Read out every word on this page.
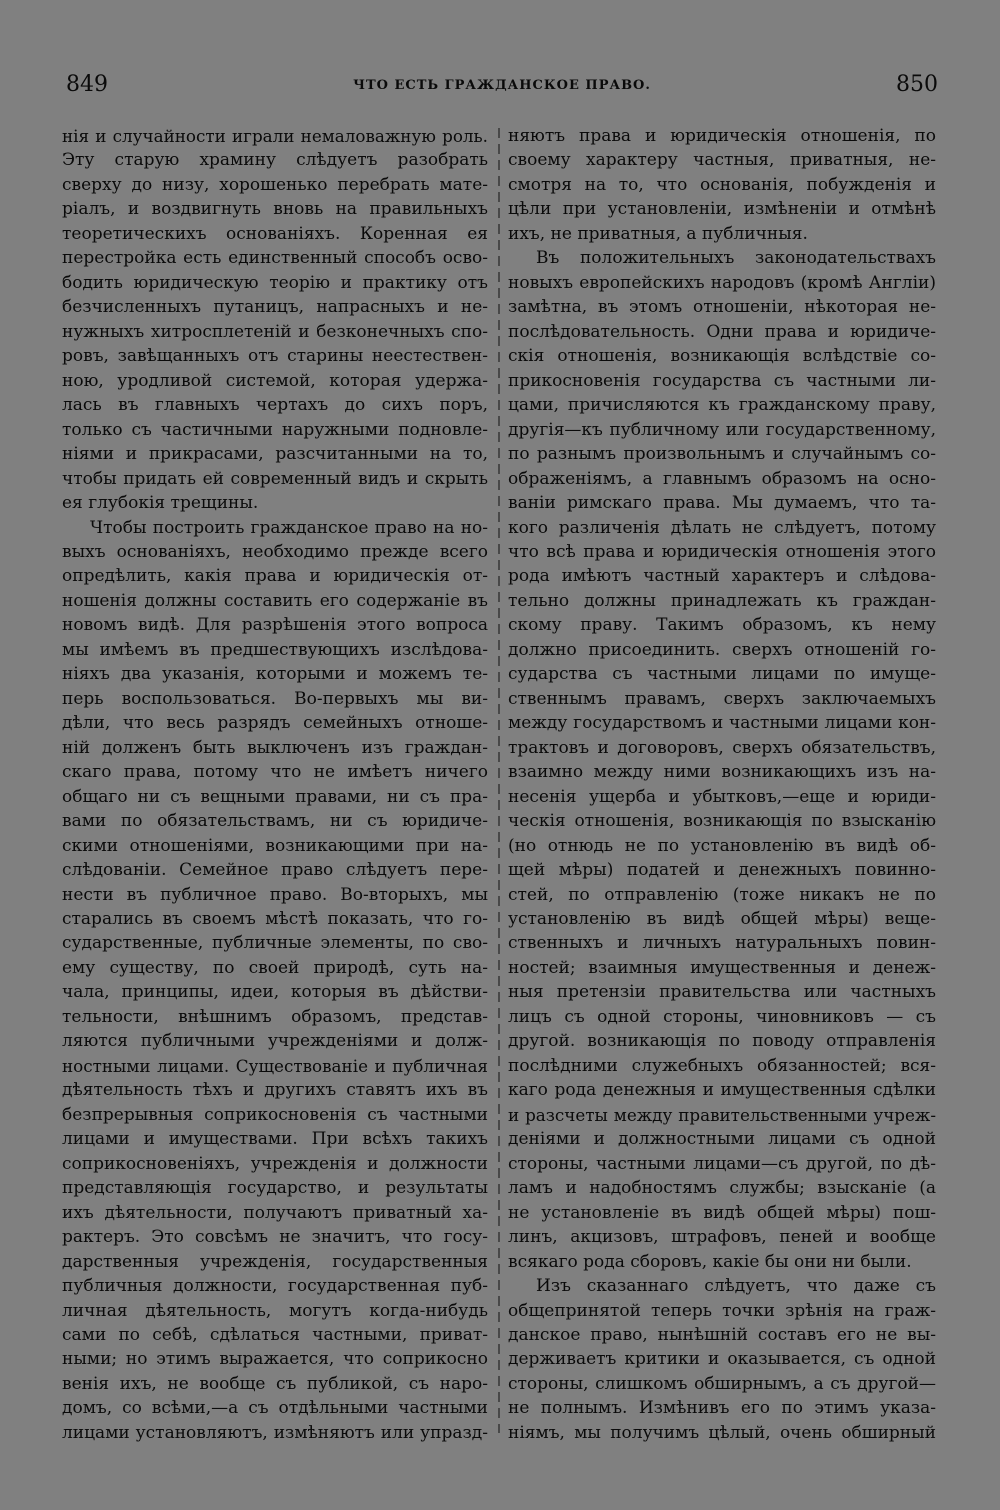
849	ЧТО ЕСТЬ ГРАЖДАНСКОЕ ПРАВО.	850
нія и случайности играли немаловажную роль.
Эту старую храмину слѣдуетъ разобрать
сверху до низу, хорошенько перебрать мате-
ріалъ, и воздвигнуть вновь на правильныхъ
теоретическихъ основаніяхъ. Коренная ея
перестройка есть единственный способъ осво-
бодить юридическую теорію и практику отъ
безчисленныхъ путаницъ, напрасныхъ и не-
нужныхъ хитросплетеній и безконечныхъ спо-
ровъ, завѣщанныхъ отъ старины неестествен-
ною, уродливой системой, которая удержа-
лась въ главныхъ чертахъ до сихъ поръ,
только съ частичными наружными подновле-
ніями и прикрасами, разсчитанными на то,
чтобы придать ей современный видъ и скрыть
ея глубокія трещины.
Чтобы построить гражданское право на но-
выхъ основаніяхъ, необходимо прежде всего
опредѣлить, какія права и юридическія от-
ношенія должны составить его содержаніе въ
новомъ видѣ. Для разрѣшенія этого вопроса
мы имѣемъ въ предшествующихъ изслѣдова-
ніяхъ два указанія, которыми и можемъ те-
перь воспользоваться. Во-первыхъ мы ви-
дѣли, что весь разрядъ семейныхъ отноше-
ній долженъ быть выключенъ изъ граждан-
скаго права, потому что не имѣетъ ничего
общаго ни съ вещными правами, ни съ пра-
вами по обязательствамъ, ни съ юридиче-
скими отношеніями, возникающими при на-
слѣдованіи. Семейное право слѣдуетъ пере-
нести въ публичное право. Во-вторыхъ, мы
старались въ своемъ мѣстѣ показать, что го-
сударственные, публичные элементы, по сво-
ему существу, по своей природѣ, суть на-
чала, принципы, идеи, которыя въ дѣйстви-
тельности, внѣшнимъ образомъ, представ-
ляются публичными учрежденіями и долж-
ностными лицами. Существованіе и публичная
дѣятельность тѣхъ и другихъ ставятъ ихъ въ
безпрерывныя соприкосновенія съ частными
лицами и имуществами. При всѣхъ такихъ
соприкосновеніяхъ, учрежденія и должности
представляющія государство, и результаты
ихъ дѣятельности, получаютъ приватный ха-
рактеръ. Это совсѣмъ не значитъ, что госу-
дарственныя учрежденія, государственныя
публичныя должности, государственная пуб-
личная дѣятельность, могутъ когда-нибудь
сами по себѣ, сдѣлаться частными, приват-
ными; но этимъ выражается, что соприкосно
венія ихъ, не вообще съ публикой, съ наро-
домъ, со всѣми,—а съ отдѣльными частными
лицами установляютъ, измѣняютъ или упразд-
няютъ права и юридическія отношенія, по
своему характеру частныя, приватныя, не-
смотря на то, что основанія, побужденія и
цѣли при установленіи, измѣненіи и отмѣнѣ
ихъ, не приватныя, а публичныя.
Въ положительныхъ законодательствахъ
новыхъ европейскихъ народовъ (кромѣ Англіи)
замѣтна, въ этомъ отношеніи, нѣкоторая не-
послѣдовательность. Одни права и юридиче-
скія отношенія, возникающія вслѣдствіе со-
прикосновенія государства съ частными ли-
цами, причисляются къ гражданскому праву,
другія—къ публичному или государственному,
по разнымъ произвольнымъ и случайнымъ со-
ображеніямъ, а главнымъ образомъ на осно-
ваніи римскаго права. Мы думаемъ, что та-
кого различенія дѣлать не слѣдуетъ, потому
что всѣ права и юридическія отношенія этого
рода имѣютъ частный характеръ и слѣдова-
тельно должны принадлежать къ граждан-
скому праву. Такимъ образомъ, къ нему
должно присоединить. сверхъ отношеній го-
сударства съ частными лицами по имуще-
ственнымъ правамъ, сверхъ заключаемыхъ
между государствомъ и частными лицами кон-
трактовъ и договоровъ, сверхъ обязательствъ,
взаимно между ними возникающихъ изъ на-
несенія ущерба и убытковъ,—еще и юриди-
ческія отношенія, возникающія по взысканію
(но отнюдь не по установленію въ видѣ об-
щей мѣры) податей и денежныхъ повинно-
стей, по отправленію (тоже никакъ не по
установленію въ видѣ общей мѣры) веще-
ственныхъ и личныхъ натуральныхъ повин-
ностей; взаимныя имущественныя и денеж-
ныя претензіи правительства или частныхъ
лицъ съ одной стороны, чиновниковъ — съ
другой. возникающія по поводу отправленія
послѣдними служебныхъ обязанностей; вся-
каго рода денежныя и имущественныя сдѣлки
и разсчеты между правительственными учреж-
деніями и должностными лицами съ одной
стороны, частными лицами—съ другой, по дѣ-
ламъ и надобностямъ службы; взысканіе (а
не установленіе въ видѣ общей мѣры) пош-
линъ, акцизовъ, штрафовъ, пеней и вообще
всякаго рода сборовъ, какіе бы они ни были.
Изъ сказаннаго слѣдуетъ, что даже съ
общепринятой теперь точки зрѣнія на граж-
данское право, нынѣшній составъ его не вы-
держиваетъ критики и оказывается, съ одной
стороны, слишкомъ обширнымъ, а съ другой—
не полнымъ. Измѣнивъ его по этимъ указа-
ніямъ, мы получимъ цѣлый, очень обширный
